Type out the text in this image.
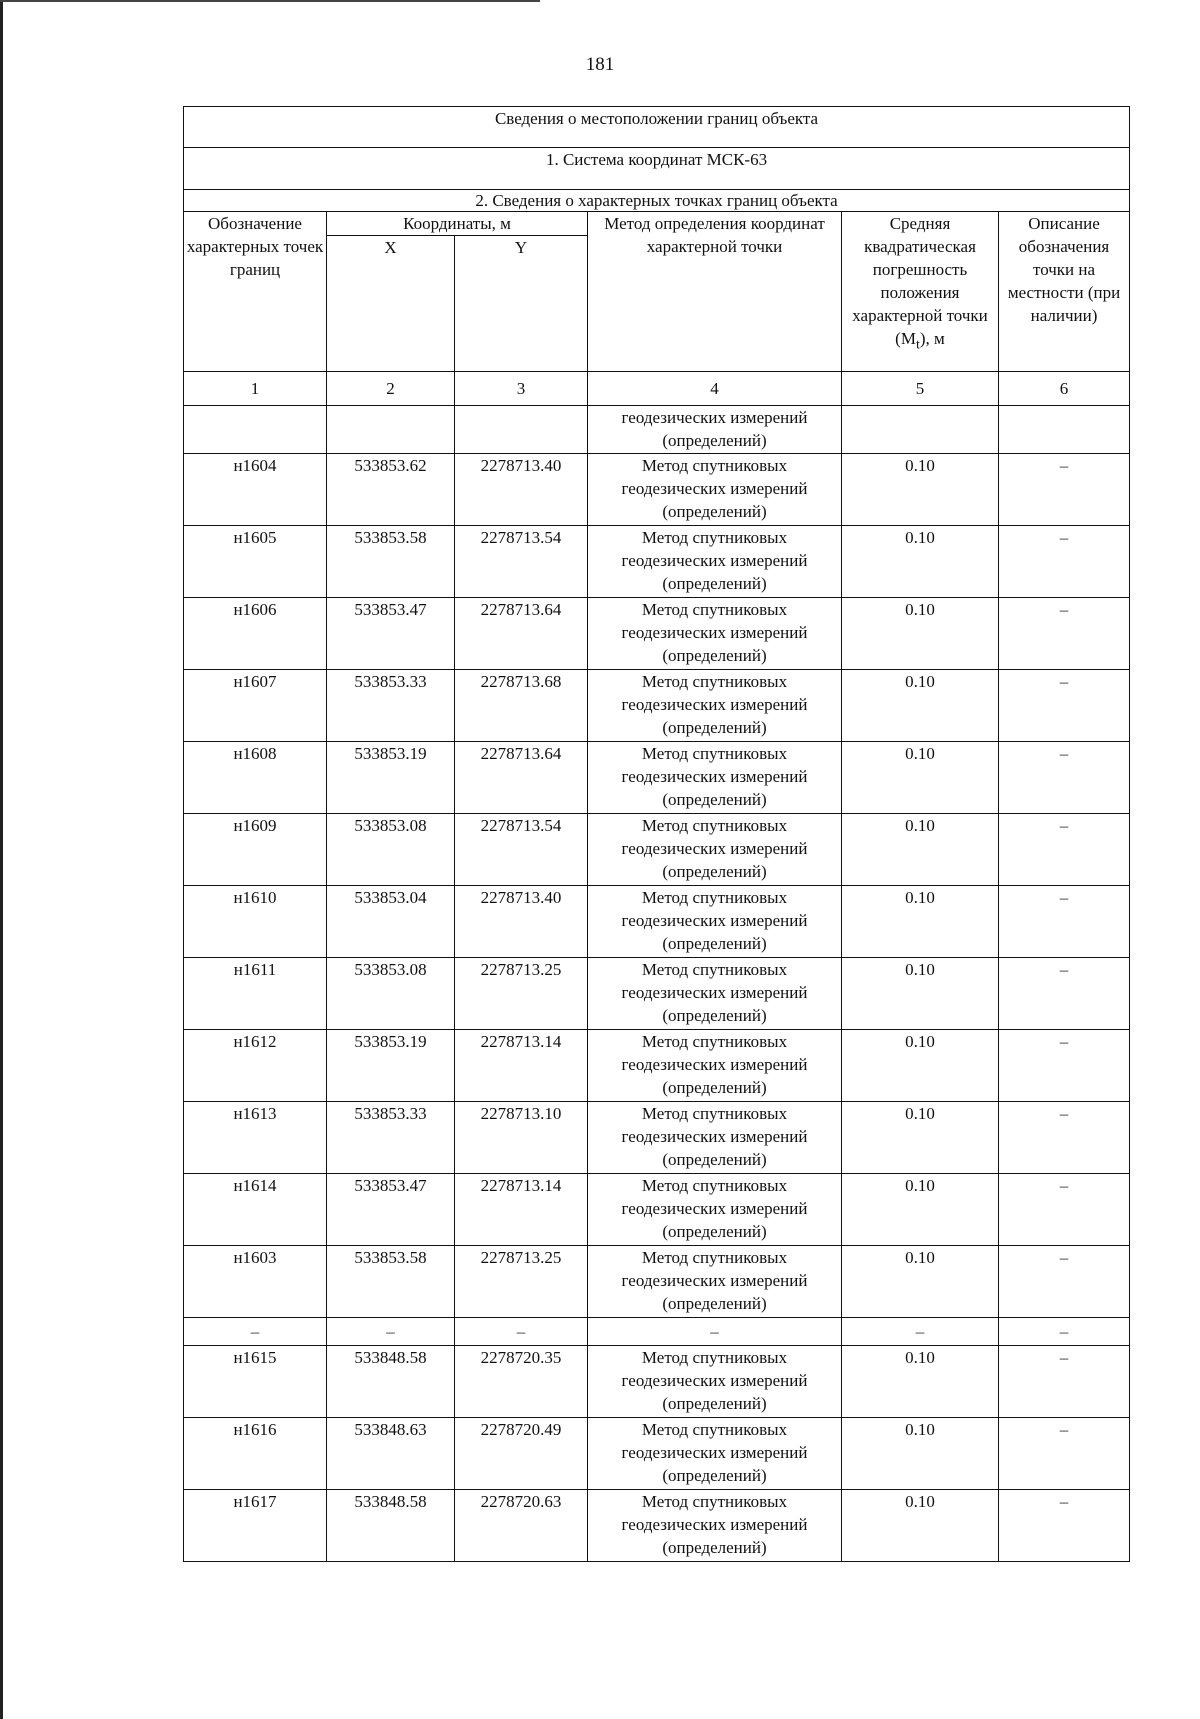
181
Сведения о местоположении границ объекта					
1. Система координат МСК-63					
2. Сведения о характерных точках границ объекта					
Обозначение характерных точек границ	Координаты, м		Метод определения координат характерной точки	Средняя квадратическая погрешность положения характерной точки $(M_t)$, м	Описание обозначения точки на местности (при наличии)
	X	Y			
1	2	3	4	5	6
			геодезических измерений (определений)		
н1604	533853.62	2278713.40	Метод спутниковых геодезических измерений (определений)	0.10	–
н1605	533853.58	2278713.54	Метод спутниковых геодезических измерений (определений)	0.10	–
н1606	533853.47	2278713.64	Метод спутниковых геодезических измерений (определений)	0.10	–
н1607	533853.33	2278713.68	Метод спутниковых геодезических измерений (определений)	0.10	–
н1608	533853.19	2278713.64	Метод спутниковых геодезических измерений (определений)	0.10	–
н1609	533853.08	2278713.54	Метод спутниковых геодезических измерений (определений)	0.10	–
н1610	533853.04	2278713.40	Метод спутниковых геодезических измерений (определений)	0.10	–
н1611	533853.08	2278713.25	Метод спутниковых геодезических измерений (определений)	0.10	–
н1612	533853.19	2278713.14	Метод спутниковых геодезических измерений (определений)	0.10	–
н1613	533853.33	2278713.10	Метод спутниковых геодезических измерений (определений)	0.10	–
н1614	533853.47	2278713.14	Метод спутниковых геодезических измерений (определений)	0.10	–
н1603	533853.58	2278713.25	Метод спутниковых геодезических измерений (определений)	0.10	–
–	–	–	–	–	–
н1615	533848.58	2278720.35	Метод спутниковых геодезических измерений (определений)	0.10	–
н1616	533848.63	2278720.49	Метод спутниковых геодезических измерений (определений)	0.10	–
н1617	533848.58	2278720.63	Метод спутниковых геодезических измерений (определений)	0.10	–
